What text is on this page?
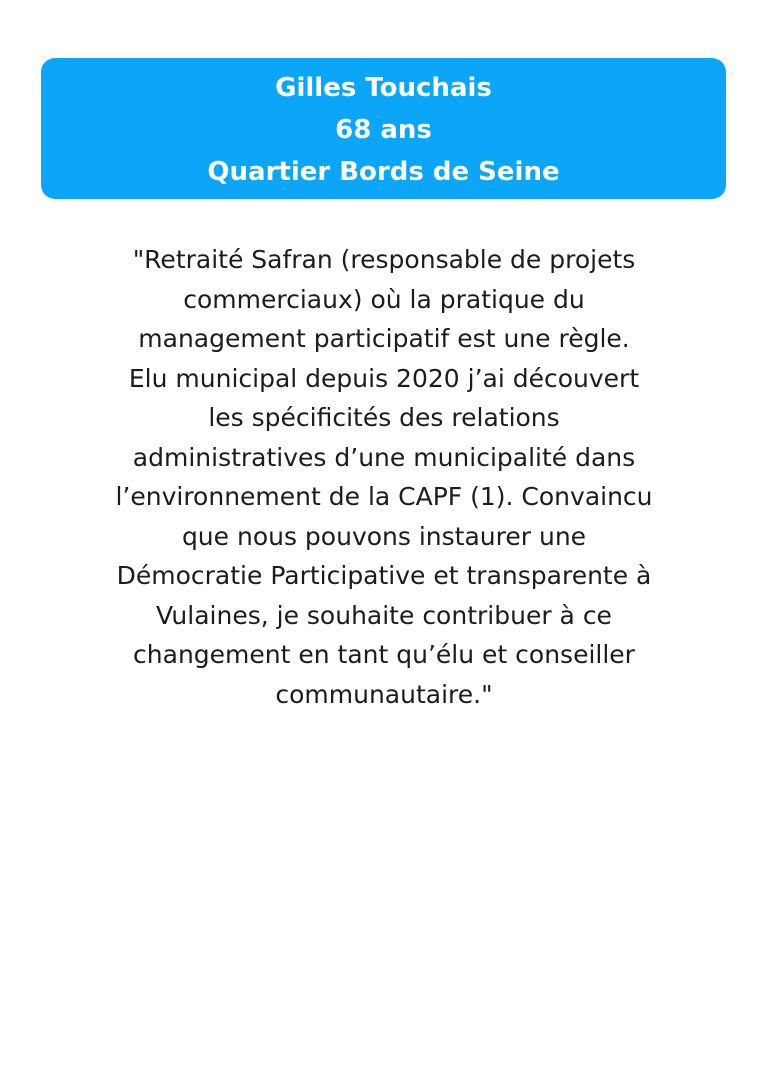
Gilles Touchais
68 ans
Quartier Bords de Seine

"Retraité Safran (responsable de projets
commerciaux) où la pratique du
management participatif est une règle.
Elu municipal depuis 2020 j’ai découvert
les spécificités des relations
administratives d’une municipalité dans
l’environnement de la CAPF (1). Convaincu
que nous pouvons instaurer une
Démocratie Participative et transparente à
Vulaines, je souhaite contribuer à ce
changement en tant qu’élu et conseiller
communautaire."
